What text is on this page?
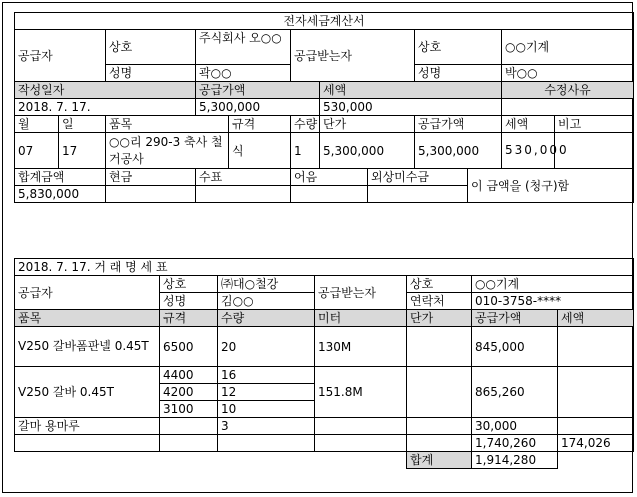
전자세금계산서											
공급자		상호	주식회사 오○○		공급받는자			상호		○○기계	
		성명	곽○○					성명		박○○	
작성일자			공급가액			세액				수정사유	
2018. 7. 17.			5,300,000			530,000					
월	일	품목		규격	수량	단가		공급가액		세액	비고
07	17	○○리 290-3 축사 철거공사		식	1	5,300,000		5,300,000		530,000	
합계금액		현금	수표		어음		외상미수금		이 금액을 (청구)함		
5,830,000											
2018. 7. 17. 거 래 명 세 표						
공급자	상호	㈜대○철강	공급받는자	상호	○○기계	
	성명	김○○		연락처	010-3758-****	
품목	규격	수량	미터	단가	공급가액	세액
V250 갈바폼판넬 0.45T	6500	20	130M		845,000	
V250 갈바 0.45T	4400	16	151.8M		865,260	
	4200	12				
	3100	10				
갈마 용마루		3			30,000	
					1,740,260	174,026
				합계	1,914,280	
